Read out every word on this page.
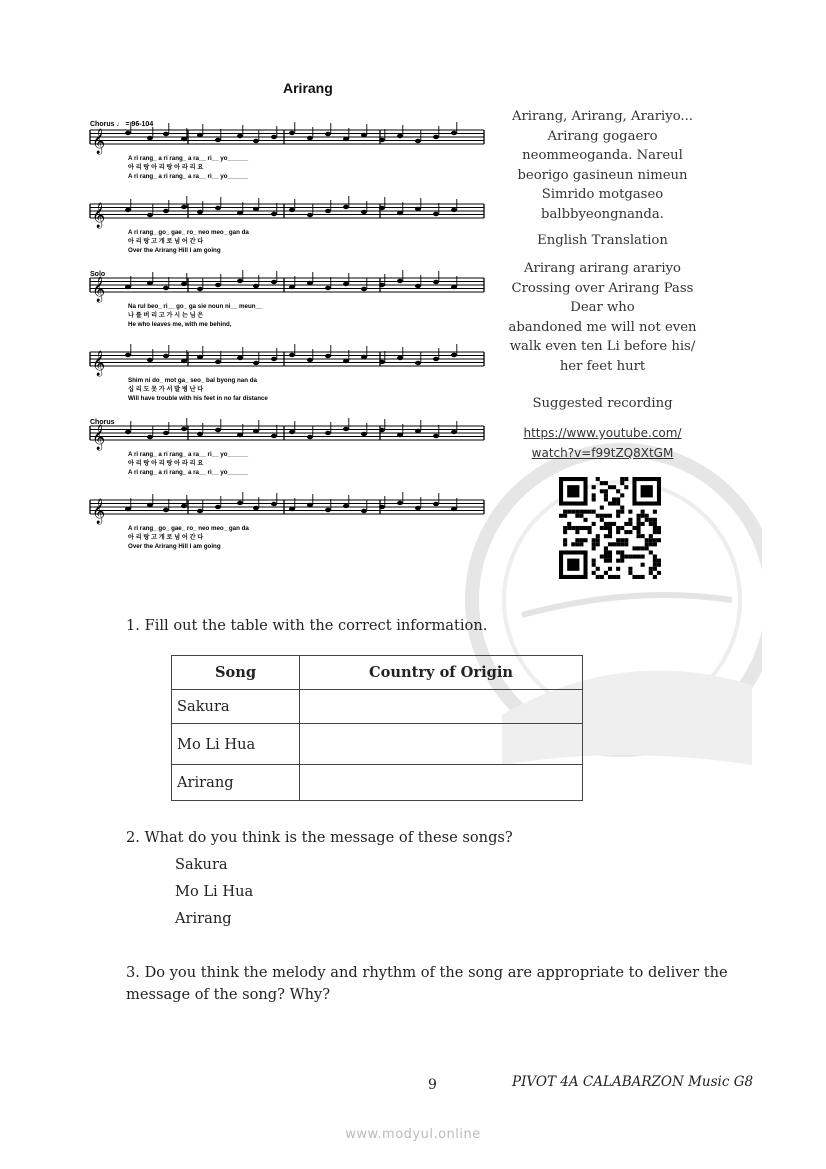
Arirang
Chorus ♩ = 96-104
𝄞
A ri rang_ a ri rang_ a ra__ ri__ yo______
아 리 랑 아 리 랑 아 라 리 요
A ri rang_ a ri rang_ a ra__ ri__ yo______
𝄞
A ri rang_ go_ gae_ ro_ neo meo_ gan da
아 리 랑 고 개 로 넘 어 간 다
Over the Arirang Hill I am going
Solo
𝄞
Na rul beo_ ri__ go_ ga sie noun ni__ meun__
나 를 버 리 고 가 시 는 님 은
He who leaves me, with me behind,
𝄞
Shim ni do_ mot ga_ seo_ bal byong nan da
십 리 도 못 가 서 발 병 난 다
Will have trouble with his feet in no far distance
Chorus
𝄞
A ri rang_ a ri rang_ a ra__ ri__ yo______
아 리 랑 아 리 랑 아 라 리 요
A ri rang_ a ri rang_ a ra__ ri__ yo______
𝄞
A ri rang_ go_ gae_ ro_ neo meo_ gan da
아 리 랑 고 개 로 넘 어 간 다
Over the Arirang Hill I am going
Arirang, Arirang, Arariyo...
Arirang gogaero
neommeoganda. Nareul
beorigo gasineun nimeun
Simrido motgaseo
balbbyeongnanda.
English Translation
Arirang arirang arariyo
Crossing over Arirang Pass
Dear who
abandoned me will not even
walk even ten Li before his/
her feet hurt
Suggested recording
https://www.youtube.com/
watch?v=f99tZQ8XtGM
1. Fill out the table with the correct information.
Song	Country of Origin
Sakura	
Mo Li Hua	
Arirang	
2. What do you think is the message of these songs?
Sakura
Mo Li Hua
Arirang
3. Do you think the melody and rhythm of the song are appropriate to deliver the
message of the song? Why?
9	PIVOT 4A CALABARZON Music G8
www.modyul.online
